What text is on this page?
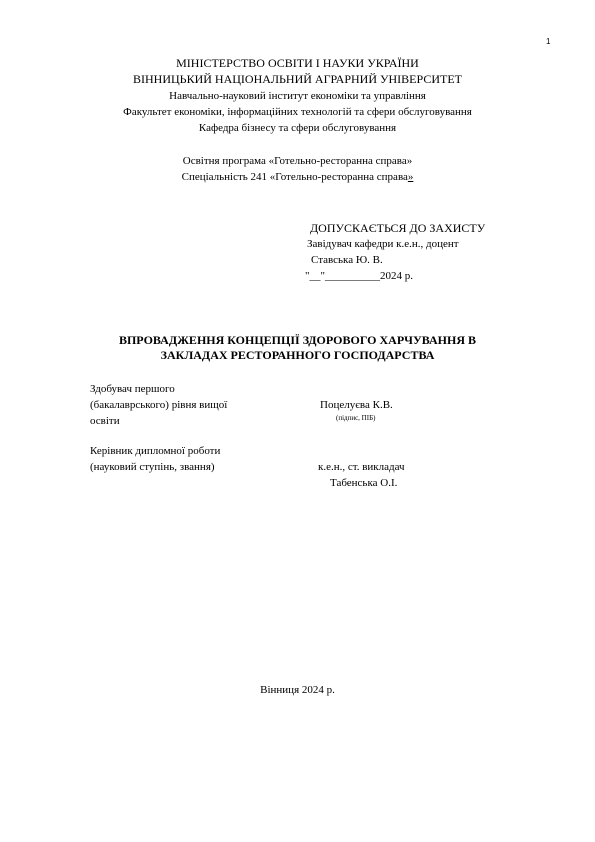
1
МІНІСТЕРСТВО ОСВІТИ І НАУКИ УКРАЇНИ
ВІННИЦЬКИЙ НАЦІОНАЛЬНИЙ АГРАРНИЙ УНІВЕРСИТЕТ
Навчально-науковий інститут економіки та управління
Факультет економіки, інформаційних технологій та сфери обслуговування
Кафедра бізнесу та сфери обслуговування
Освітня програма «Готельно-ресторанна справа»
Спеціальність 241 «Готельно-ресторанна справа»
ДОПУСКАЄТЬСЯ ДО ЗАХИСТУ
Завідувач кафедри к.е.н., доцент
Ставська Ю. В.
"__"__________2024 р.
ВПРОВАДЖЕННЯ КОНЦЕПЦІЇ ЗДОРОВОГО ХАРЧУВАННЯ В
ЗАКЛАДАХ РЕСТОРАННОГО ГОСПОДАРСТВА
Здобувач першого
(бакалаврського) рівня вищої
освіти
Поцелуєва К.В.
(підпис, ПІБ)
Керівник дипломної роботи
(науковий ступінь, звання)	к.е.н., ст. викладач
Табенська О.І.
Вінниця 2024 р.
